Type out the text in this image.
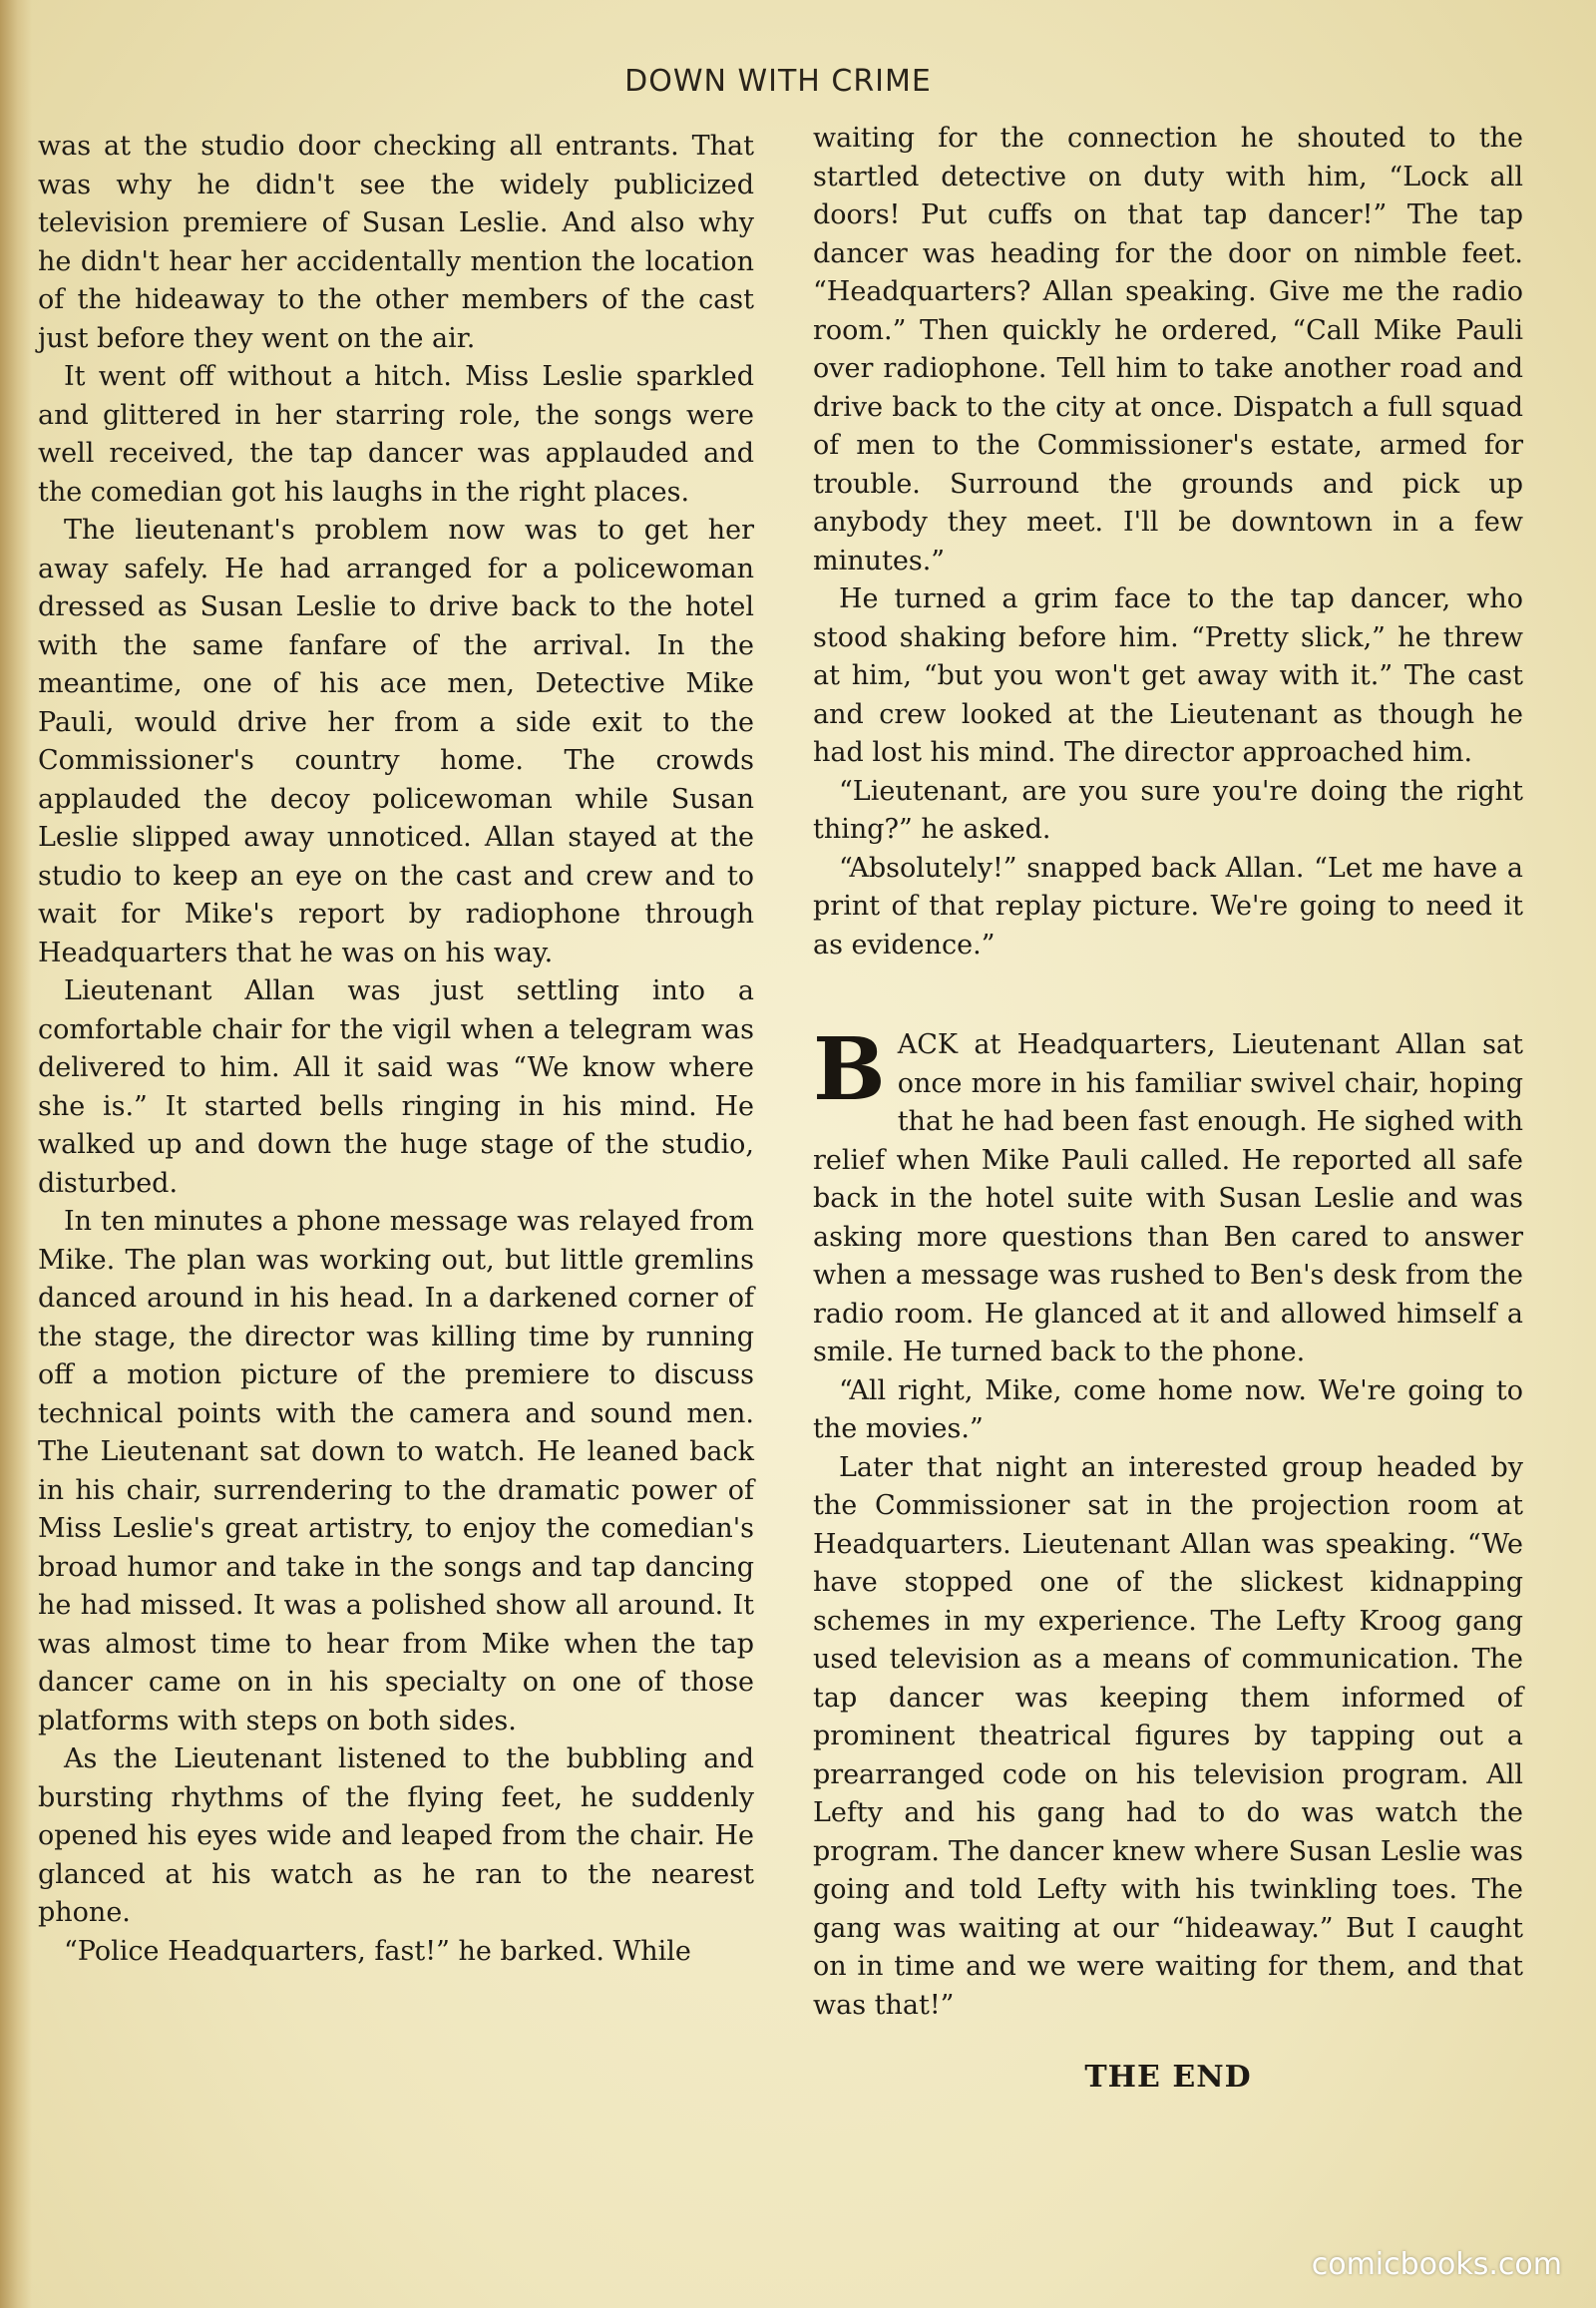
DOWN WITH CRIME

was at the studio door checking all entrants. That was why he didn't see the widely publicized television premiere of Susan Leslie. And also why he didn't hear her accidentally mention the location of the hideaway to the other members of the cast just before they went on the air.

It went off without a hitch. Miss Leslie sparkled and glittered in her starring role, the songs were well received, the tap dancer was applauded and the comedian got his laughs in the right places.

The lieutenant's problem now was to get her away safely. He had arranged for a policewoman dressed as Susan Leslie to drive back to the hotel with the same fanfare of the arrival. In the meantime, one of his ace men, Detective Mike Pauli, would drive her from a side exit to the Commissioner's country home. The crowds applauded the decoy policewoman while Susan Leslie slipped away unnoticed. Allan stayed at the studio to keep an eye on the cast and crew and to wait for Mike's report by radiophone through Headquarters that he was on his way.

Lieutenant Allan was just settling into a comfortable chair for the vigil when a telegram was delivered to him. All it said was “We know where she is.” It started bells ringing in his mind. He walked up and down the huge stage of the studio, disturbed.

In ten minutes a phone message was relayed from Mike. The plan was working out, but little gremlins danced around in his head. In a darkened corner of the stage, the director was killing time by running off a motion picture of the premiere to discuss technical points with the camera and sound men. The Lieutenant sat down to watch. He leaned back in his chair, surrendering to the dramatic power of Miss Leslie's great artistry, to enjoy the comedian's broad humor and take in the songs and tap dancing he had missed. It was a polished show all around. It was almost time to hear from Mike when the tap dancer came on in his specialty on one of those platforms with steps on both sides.

As the Lieutenant listened to the bubbling and bursting rhythms of the flying feet, he suddenly opened his eyes wide and leaped from the chair. He glanced at his watch as he ran to the nearest phone.

“Police Headquarters, fast!” he barked. While

waiting for the connection he shouted to the startled detective on duty with him, “Lock all doors! Put cuffs on that tap dancer!” The tap dancer was heading for the door on nimble feet. “Headquarters? Allan speaking. Give me the radio room.” Then quickly he ordered, “Call Mike Pauli over radiophone. Tell him to take another road and drive back to the city at once. Dispatch a full squad of men to the Commissioner's estate, armed for trouble. Surround the grounds and pick up anybody they meet. I'll be downtown in a few minutes.”

He turned a grim face to the tap dancer, who stood shaking before him. “Pretty slick,” he threw at him, “but you won't get away with it.” The cast and crew looked at the Lieutenant as though he had lost his mind. The director approached him.

“Lieutenant, are you sure you're doing the right thing?” he asked.

“Absolutely!” snapped back Allan. “Let me have a print of that replay picture. We're going to need it as evidence.”

BACK at Headquarters, Lieutenant Allan sat once more in his familiar swivel chair, hoping that he had been fast enough. He sighed with relief when Mike Pauli called. He reported all safe back in the hotel suite with Susan Leslie and was asking more questions than Ben cared to answer when a message was rushed to Ben's desk from the radio room. He glanced at it and allowed himself a smile. He turned back to the phone.

“All right, Mike, come home now. We're going to the movies.”

Later that night an interested group headed by the Commissioner sat in the projection room at Headquarters. Lieutenant Allan was speaking. “We have stopped one of the slickest kidnapping schemes in my experience. The Lefty Kroog gang used television as a means of communication. The tap dancer was keeping them informed of prominent theatrical figures by tapping out a prearranged code on his television program. All Lefty and his gang had to do was watch the program. The dancer knew where Susan Leslie was going and told Lefty with his twinkling toes. The gang was waiting at our “hideaway.” But I caught on in time and we were waiting for them, and that was that!”

THE END
comicbooks.com
